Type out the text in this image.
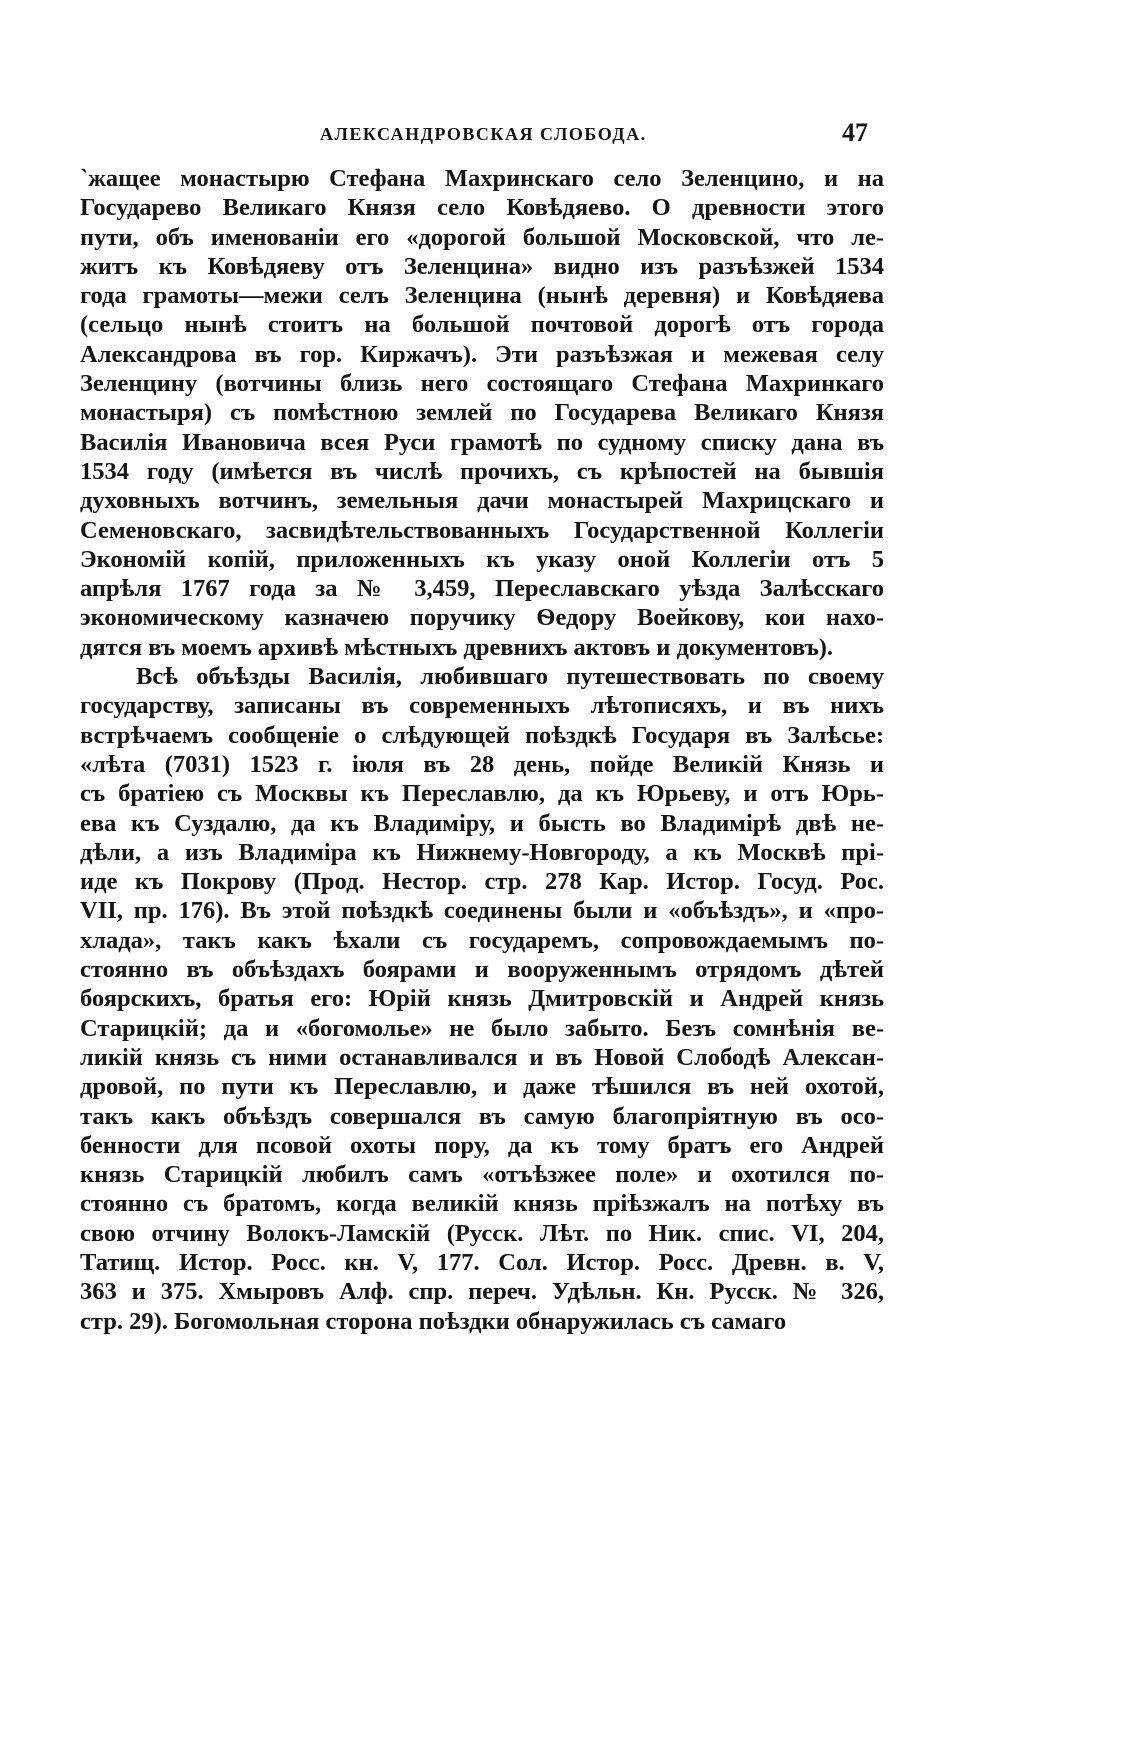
АЛЕКСАНДРОВСКАЯ СЛОБОДА.	47
`жащее монастырю Стефана Махринскаго село Зеленцино, и на
Государево Великаго Князя село Ковѣдяево. О древности этого
пути, объ именованіи его «дорогой большой Московской, что ле-
житъ къ Ковѣдяеву отъ Зеленцина» видно изъ разъѣзжей 1534
года грамоты—межи селъ Зеленцина (нынѣ деревня) и Ковѣдяева
(сельцо нынѣ стоитъ на большой почтовой дорогѣ отъ города
Александрова въ гор. Киржачъ). Эти разъѣзжая и межевая селу
Зеленцину (вотчины близь него состоящаго Стефана Махринкаго
монастыря) съ помѣстною землей по Государева Великаго Князя
Василія Ивановича всея Руси грамотѣ по судному списку дана въ
1534 году (имѣется въ числѣ прочихъ, съ крѣпостей на бывшія
духовныхъ вотчинъ, земельныя дачи монастырей Махрицскаго и
Семеновскаго, засвидѣтельствованныхъ Государственной Коллегіи
Экономій копій, приложенныхъ къ указу оной Коллегіи отъ 5
апрѣля 1767 года за № 3,459, Переславскаго уѣзда Залѣсскаго
экономическому казначею поручику Ѳедору Воейкову, кои нахо-
дятся въ моемъ архивѣ мѣстныхъ древнихъ актовъ и документовъ).
Всѣ объѣзды Василія, любившаго путешествовать по своему
государству, записаны въ современныхъ лѣтописяхъ, и въ нихъ
встрѣчаемъ сообщеніе о слѣдующей поѣздкѣ Государя въ Залѣсье:
«лѣта (7031) 1523 г. іюля въ 28 день, пойде Великій Князь и
съ братіею съ Москвы къ Переславлю, да къ Юрьеву, и отъ Юрь-
ева къ Суздалю, да къ Владиміру, и бысть во Владимірѣ двѣ не-
дѣли, а изъ Владиміра къ Нижнему-Новгороду, а къ Москвѣ прі-
иде къ Покрову (Прод. Нестор. стр. 278 Кар. Истор. Госуд. Рос.
VII, пр. 176). Въ этой поѣздкѣ соединены были и «объѣздъ», и «про-
хлада», такъ какъ ѣхали съ государемъ, сопровождаемымъ по-
стоянно въ объѣздахъ боярами и вооруженнымъ отрядомъ дѣтей
боярскихъ, братья его: Юрій князь Дмитровскій и Андрей князь
Старицкій; да и «богомолье» не было забыто. Безъ сомнѣнія ве-
ликій князь съ ними останавливался и въ Новой Слободѣ Алексан-
дровой, по пути къ Переславлю, и даже тѣшился въ ней охотой,
такъ какъ объѣздъ совершался въ самую благопріятную въ осо-
бенности для псовой охоты пору, да къ тому братъ его Андрей
князь Старицкій любилъ самъ «отъѣзжее поле» и охотился по-
стоянно съ братомъ, когда великій князь пріѣзжалъ на потѣху въ
свою отчину Волокъ-Ламскій (Русск. Лѣт. по Ник. спис. VI, 204,
Татищ. Истор. Росс. кн. V, 177. Сол. Истор. Росс. Древн. в. V,
363 и 375. Хмыровъ Алф. спр. переч. Удѣльн. Кн. Русск. № 326,
стр. 29). Богомольная сторона поѣздки обнаружилась съ самаго
